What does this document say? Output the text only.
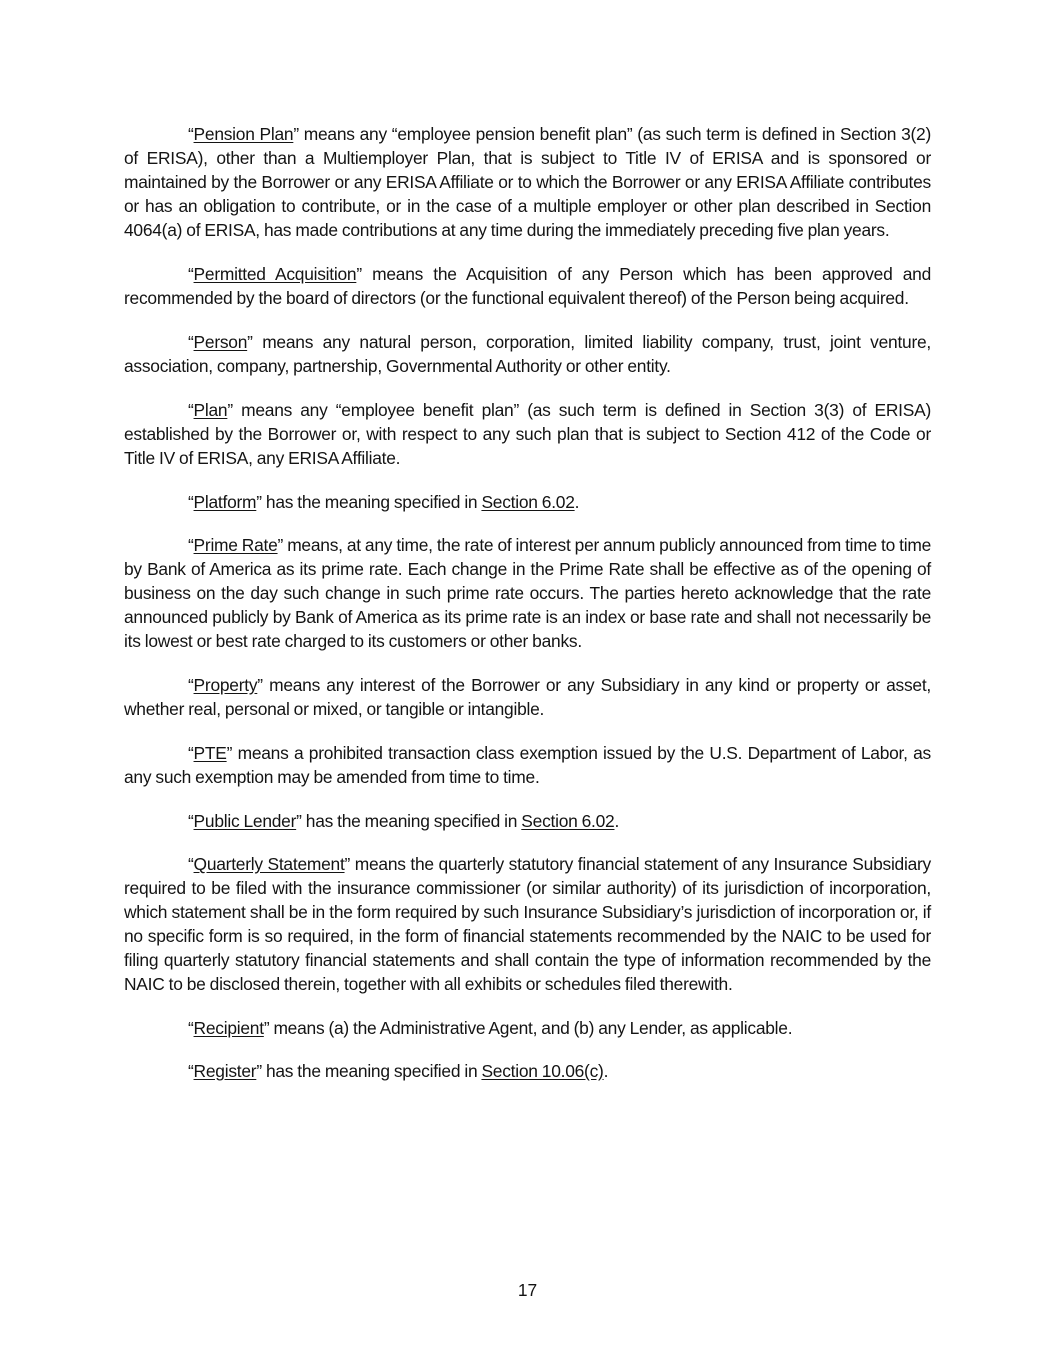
“Pension Plan” means any “employee pension benefit plan” (as such term is defined in Section 3(2) of ERISA), other than a Multiemployer Plan, that is subject to Title IV of ERISA and is sponsored or maintained by the Borrower or any ERISA Affiliate or to which the Borrower or any ERISA Affiliate contributes or has an obligation to contribute, or in the case of a multiple employer or other plan described in Section 4064(a) of ERISA, has made contributions at any time during the immediately preceding five plan years.

“Permitted Acquisition” means the Acquisition of any Person which has been approved and recommended by the board of directors (or the functional equivalent thereof) of the Person being acquired.

“Person” means any natural person, corporation, limited liability company, trust, joint venture, association, company, partnership, Governmental Authority or other entity.

“Plan” means any “employee benefit plan” (as such term is defined in Section 3(3) of ERISA) established by the Borrower or, with respect to any such plan that is subject to Section 412 of the Code or Title IV of ERISA, any ERISA Affiliate.

“Platform” has the meaning specified in Section 6.02.

“Prime Rate” means, at any time, the rate of interest per annum publicly announced from time to time by Bank of America as its prime rate. Each change in the Prime Rate shall be effective as of the opening of business on the day such change in such prime rate occurs. The parties hereto acknowledge that the rate announced publicly by Bank of America as its prime rate is an index or base rate and shall not necessarily be its lowest or best rate charged to its customers or other banks.

“Property” means any interest of the Borrower or any Subsidiary in any kind or property or asset, whether real, personal or mixed, or tangible or intangible.

“PTE” means a prohibited transaction class exemption issued by the U.S. Department of Labor, as any such exemption may be amended from time to time.

“Public Lender” has the meaning specified in Section 6.02.

“Quarterly Statement” means the quarterly statutory financial statement of any Insurance Subsidiary required to be filed with the insurance commissioner (or similar authority) of its jurisdiction of incorporation, which statement shall be in the form required by such Insurance Subsidiary’s jurisdiction of incorporation or, if no specific form is so required, in the form of financial statements recommended by the NAIC to be used for filing quarterly statutory financial statements and shall contain the type of information recommended by the NAIC to be disclosed therein, together with all exhibits or schedules filed therewith.

“Recipient” means (a) the Administrative Agent, and (b) any Lender, as applicable.

“Register” has the meaning specified in Section 10.06(c).

17
